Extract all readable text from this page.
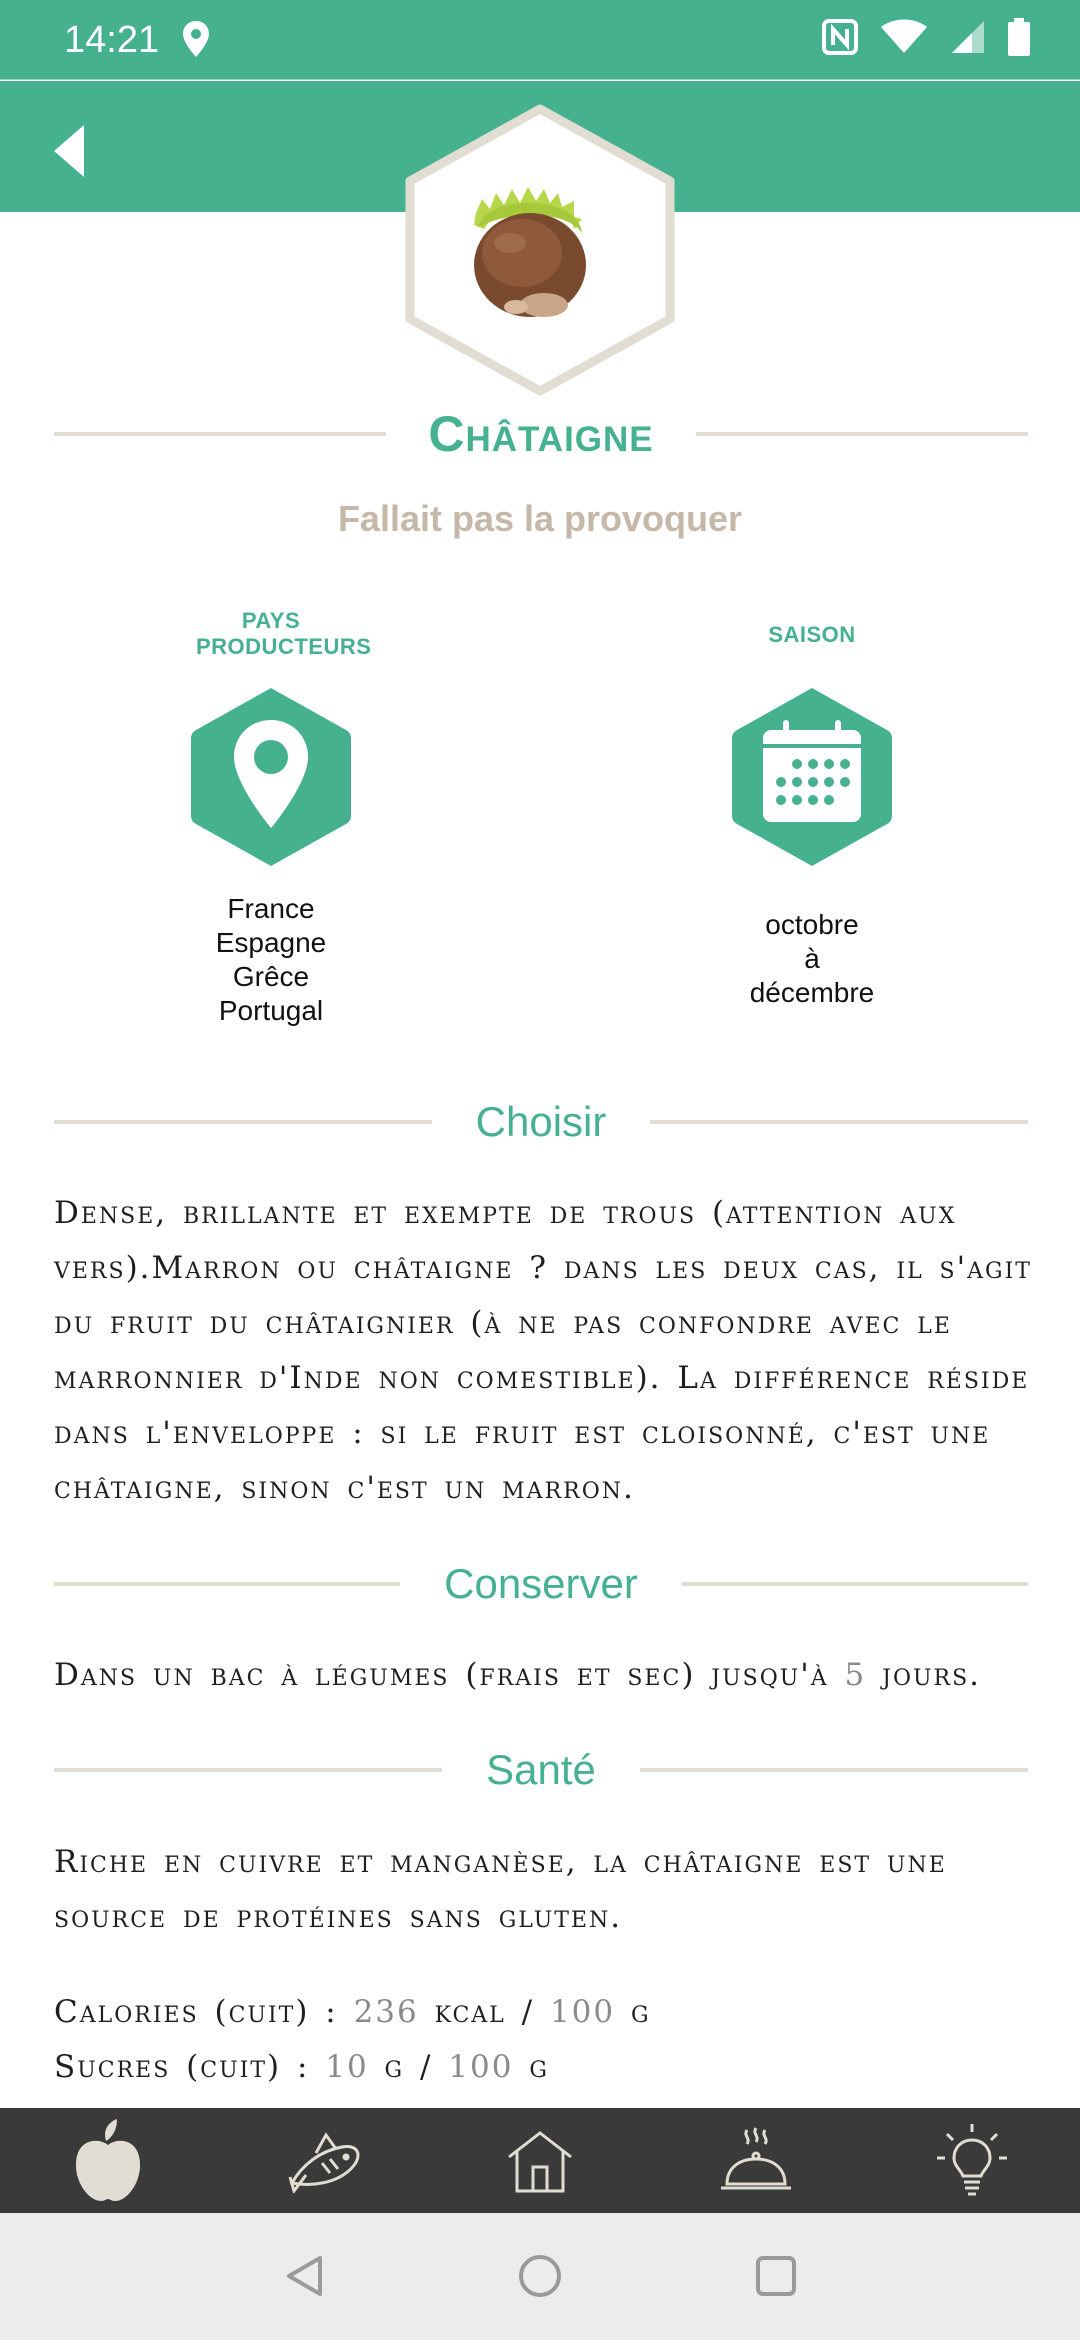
14:21
Châtaigne
Fallait pas la provoquer
PAYS PRODUCTEURS
France
Espagne
Grêce
Portugal
SAISON
octobre
à
décembre
Choisir
Dense, brillante et exempte de trous (attention aux vers).Marron ou châtaigne ? dans les deux cas, il s'agit du fruit du châtaignier (à ne pas confondre avec le marronnier d'Inde non comestible). La différence réside dans l'enveloppe : si le fruit est cloisonné, c'est une châtaigne, sinon c'est un marron.
Conserver
Dans un bac à légumes (frais et sec) jusqu'à 5 jours.
Santé
Riche en cuivre et manganèse, la châtaigne est une source de protéines sans gluten.
Calories (cuit) : 236 kcal / 100 g
Sucres (cuit) : 10 g / 100 g
